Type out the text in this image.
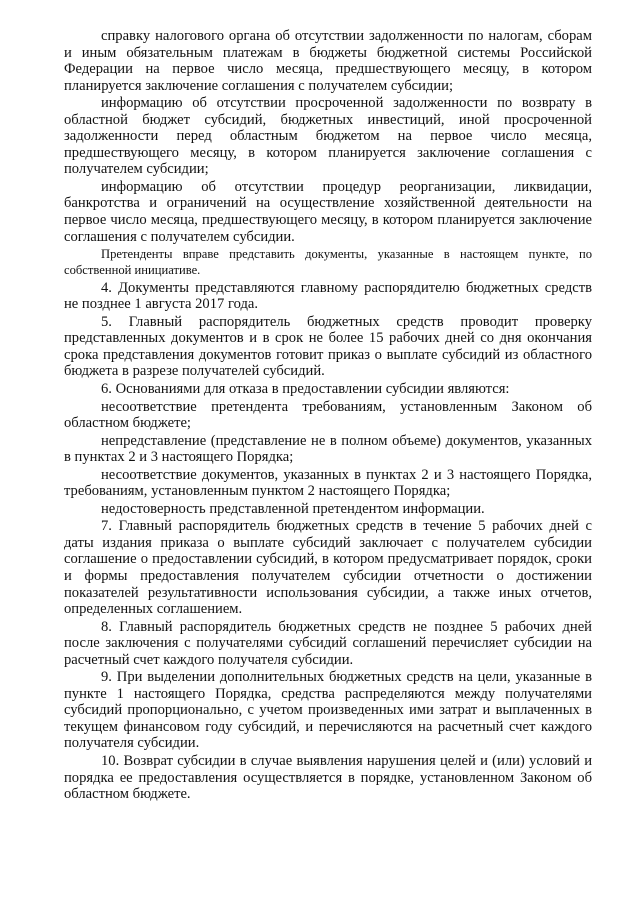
справку налогового органа об отсутствии задолженности по налогам, сборам и иным обязательным платежам в бюджеты бюджетной системы Российской Федерации на первое число месяца, предшествующего месяцу, в котором планируется заключение соглашения с получателем субсидии;

информацию об отсутствии просроченной задолженности по возврату в областной бюджет субсидий, бюджетных инвестиций, иной просроченной задолженности перед областным бюджетом на первое число месяца, предшествующего месяцу, в котором планируется заключение соглашения с получателем субсидии;

информацию об отсутствии процедур реорганизации, ликвидации, банкротства и ограничений на осуществление хозяйственной деятельности на первое число месяца, предшествующего месяцу, в котором планируется заключение соглашения с получателем субсидии.

Претенденты вправе представить документы, указанные в настоящем пункте, по собственной инициативе.

4. Документы представляются главному распорядителю бюджетных средств не позднее 1 августа 2017 года.

5. Главный распорядитель бюджетных средств проводит проверку представленных документов и в срок не более 15 рабочих дней со дня окончания срока представления документов готовит приказ о выплате субсидий из областного бюджета в разрезе получателей субсидий.

6. Основаниями для отказа в предоставлении субсидии являются:

несоответствие претендента требованиям, установленным Законом об областном бюджете;

непредставление (представление не в полном объеме) документов, указанных в пунктах 2 и 3 настоящего Порядка;

несоответствие документов, указанных в пунктах 2 и 3 настоящего Порядка, требованиям, установленным пунктом 2 настоящего Порядка;

недостоверность представленной претендентом информации.

7. Главный распорядитель бюджетных средств в течение 5 рабочих дней с даты издания приказа о выплате субсидий заключает с получателем субсидии соглашение о предоставлении субсидий, в котором предусматривает порядок, сроки и формы предоставления получателем субсидии отчетности о достижении показателей результативности использования субсидии, а также иных отчетов, определенных соглашением.

8. Главный распорядитель бюджетных средств не позднее 5 рабочих дней после заключения с получателями субсидий соглашений перечисляет субсидии на расчетный счет каждого получателя субсидии.

9. При выделении дополнительных бюджетных средств на цели, указанные в пункте 1 настоящего Порядка, средства распределяются между получателями субсидий пропорционально, с учетом произведенных ими затрат и выплаченных в текущем финансовом году субсидий, и перечисляются на расчетный счет каждого получателя субсидии.

10. Возврат субсидии в случае выявления нарушения целей и (или) условий и порядка ее предоставления осуществляется в порядке, установленном Законом об областном бюджете.
